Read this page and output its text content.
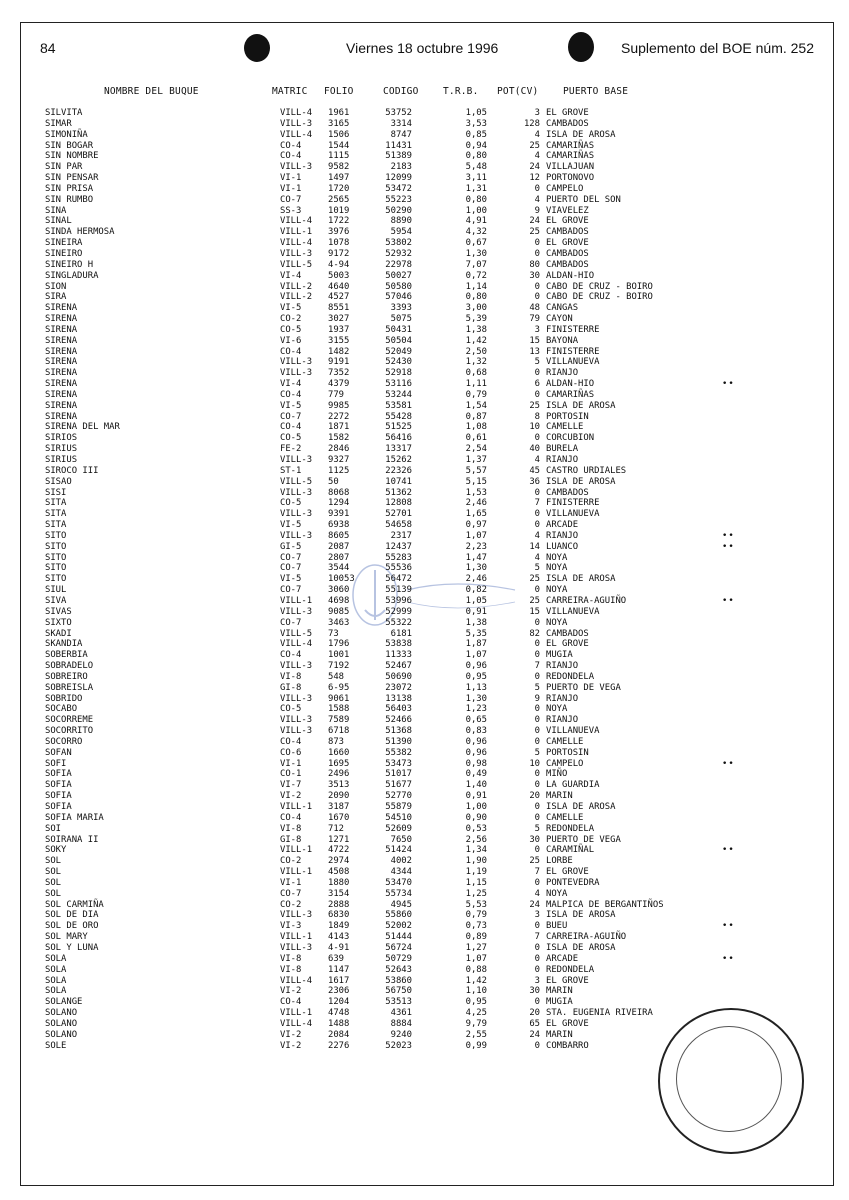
84	Viernes 18 octubre 1996	Suplemento del BOE núm. 252
NOMBRE DEL BUQUE	MATRIC FOLIO	CODIGO	T.R.B. POT(CV)	PUERTO BASE
SILVITA	VILL-4 1961	53752	1,05	3 EL GROVE
SIMAR	VILL-3 3165	3314	3,53	128 CAMBADOS
SIMONIÑA	VILL-4 1506	8747	0,85	4 ISLA DE AROSA
SIN BOGAR	CO-4	1544	11431	0,94	25 CAMARIÑAS
SIN NOMBRE	CO-4	1115	51389	0,80	4 CAMARIÑAS
SIN PAR	VILL-3 9582	2183	5,48	24 VILLAJUAN
SIN PENSAR	VI-1	1497	12099	3,11	12 PORTONOVO
SIN PRISA	VI-1	1720	53472	1,31	0 CAMPELO
SIN RUMBO	CO-7	2565	55223	0,80	4 PUERTO DEL SON
SINA	SS-3	1019	50290	1,00	9 VIAVELEZ
SINAL	VILL-4 1722	8890	4,91	24 EL GROVE
SINDA HERMOSA	VILL-1 3976	5954	4,32	25 CAMBADOS
SINEIRA	VILL-4 1078	53802	0,67	0 EL GROVE
SINEIRO	VILL-3 9172	52932	1,30	0 CAMBADOS
SINEIRO H	VILL-5 4-94	22978	7,07	80 CAMBADOS
SINGLADURA	VI-4	5003	50027	0,72	30 ALDAN-HIO
SION	VILL-2 4640	50580	1,14	0 CABO DE CRUZ - BOIRO
SIRA	VILL-2 4527	57046	0,80	0 CABO DE CRUZ - BOIRO
SIRENA	VI-5	8551	3393	3,00	48 CANGAS
SIRENA	CO-2	3027	5075	5,39	79 CAYON
SIRENA	CO-5	1937	50431	1,38	3 FINISTERRE
SIRENA	VI-6	3155	50504	1,42	15 BAYONA
SIRENA	CO-4	1482	52049	2,50	13 FINISTERRE
SIRENA	VILL-3 9191	52430	1,32	5 VILLANUEVA
SIRENA	VILL-3 7352	52918	0,68	0 RIANJO
SIRENA	VI-4	4379	53116	1,11	6 ALDAN-HIO	••
SIRENA	CO-4	779	53244	0,79	0 CAMARIÑAS
SIRENA	VI-5	9985	53581	1,54	25 ISLA DE AROSA
SIRENA	CO-7	2272	55428	0,87	8 PORTOSIN
SIRENA DEL MAR	CO-4	1871	51525	1,08	10 CAMELLE
SIRIOS	CO-5	1582	56416	0,61	0 CORCUBION
SIRIUS	FE-2	2846	13317	2,54	40 BURELA
SIRIUS	VILL-3 9327	15262	1,37	4 RIANJO
SIROCO III	ST-1	1125	22326	5,57	45 CASTRO URDIALES
SISAO	VILL-5 50	10741	5,15	36 ISLA DE AROSA
SISI	VILL-3 8068	51362	1,53	0 CAMBADOS
SITA	CO-5	1294	12808	2,46	7 FINISTERRE
SITA	VILL-3 9391	52701	1,65	0 VILLANUEVA
SITA	VI-5	6938	54658	0,97	0 ARCADE
SITO	VILL-3 8605	2317	1,07	4 RIANJO	••
SITO	GI-5	2087	12437	2,23	14 LUANCO	••
SITO	CO-7	2807	55283	1,47	4 NOYA
SITO	CO-7	3544	55536	1,30	5 NOYA
SITO	VI-5	10053	56472	2,46	25 ISLA DE AROSA
SIUL	CO-7	3060	55139	0,82	0 NOYA
SIVA	VILL-1 4698	53996	1,05	25 CARREIRA-AGUIÑO	••
SIVAS	VILL-3 9085	52999	0,91	15 VILLANUEVA
SIXTO	CO-7	3463	55322	1,38	0 NOYA
SKADI	VILL-5 73	6181	5,35	82 CAMBADOS
SKANDIA	VILL-4 1796	53838	1,87	0 EL GROVE
SOBERBIA	CO-4	1001	11333	1,07	0 MUGIA
SOBRADELO	VILL-3 7192	52467	0,96	7 RIANJO
SOBREIRO	VI-8	548	50690	0,95	0 REDONDELA
SOBREISLA	GI-8	6-95	23072	1,13	5 PUERTO DE VEGA
SOBRIDO	VILL-3 9061	13138	1,30	9 RIANJO
SOCABO	CO-5	1588	56403	1,23	0 NOYA
SOCORREME	VILL-3 7589	52466	0,65	0 RIANJO
SOCORRITO	VILL-3 6718	51368	0,83	0 VILLANUEVA
SOCORRO	CO-4	873	51390	0,96	0 CAMELLE
SOFAN	CO-6	1660	55382	0,96	5 PORTOSIN
SOFI	VI-1	1695	53473	0,98	10 CAMPELO	••
SOFIA	CO-1	2496	51017	0,49	0 MIÑO
SOFIA	VI-7	3513	51677	1,40	0 LA GUARDIA
SOFIA	VI-2	2090	52770	0,91	20 MARIN
SOFIA	VILL-1 3187	55879	1,00	0 ISLA DE AROSA
SOFIA MARIA	CO-4	1670	54510	0,90	0 CAMELLE
SOI	VI-8	712	52609	0,53	5 REDONDELA
SOIRANA II	GI-8	1271	7650	2,56	30 PUERTO DE VEGA
SOKY	VILL-1 4722	51424	1,34	0 CARAMIÑAL	••
SOL	CO-2	2974	4002	1,90	25 LORBE
SOL	VILL-1 4508	4344	1,19	7 EL GROVE
SOL	VI-1	1880	53470	1,15	0 PONTEVEDRA
SOL	CO-7	3154	55734	1,25	4 NOYA
SOL CARMIÑA	CO-2	2888	4945	5,53	24 MALPICA DE BERGANTIÑOS
SOL DE DIA	VILL-3 6830	55860	0,79	3 ISLA DE AROSA
SOL DE ORO	VI-3	1849	52002	0,73	0 BUEU	••
SOL MARY	VILL-1 4143	51444	0,89	7 CARREIRA-AGUIÑO
SOL Y LUNA	VILL-3 4-91	56724	1,27	0 ISLA DE AROSA
SOLA	VI-8	639	50729	1,07	0 ARCADE	••
SOLA	VI-8	1147	52643	0,88	0 REDONDELA
SOLA	VILL-4 1617	53860	1,42	3 EL GROVE
SOLA	VI-2	2306	56750	1,10	30 MARIN
SOLANGE	CO-4	1204	53513	0,95	0 MUGIA
SOLANO	VILL-1 4748	4361	4,25	20 STA. EUGENIA RIVEIRA
SOLANO	VILL-4 1488	8884	9,79	65 EL GROVE
SOLANO	VI-2	2084	9240	2,55	24 MARIN
SOLE	VI-2	2276	52023	0,99	0 COMBARRO
